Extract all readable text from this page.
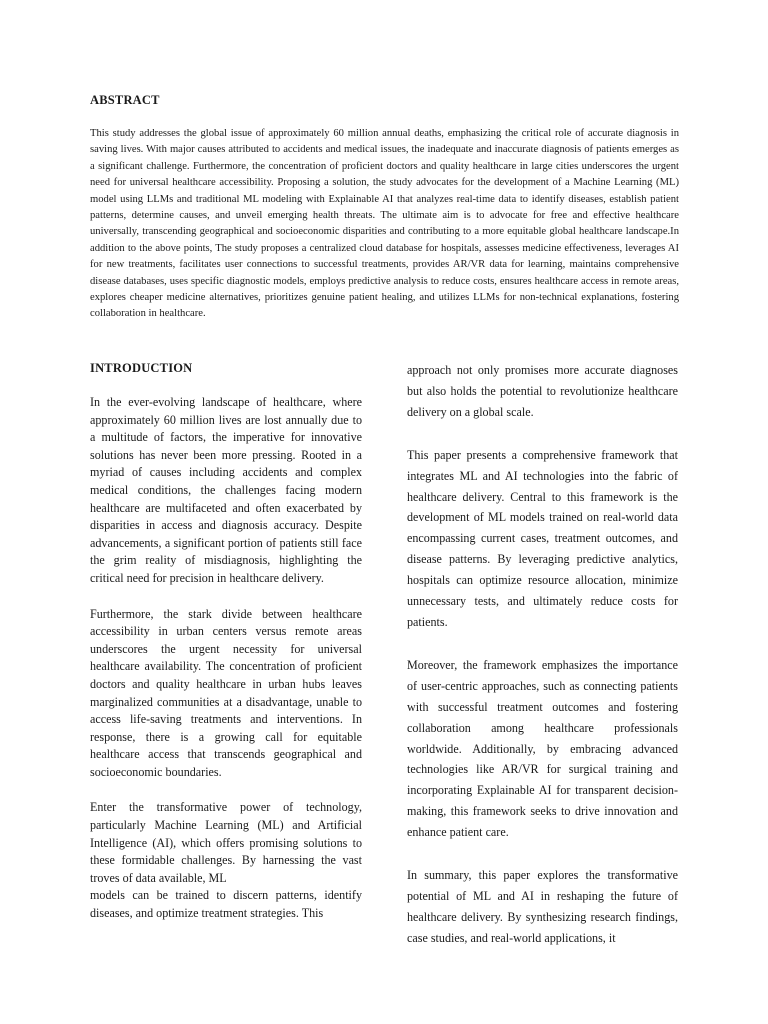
ABSTRACT
This study addresses the global issue of approximately 60 million annual deaths, emphasizing the critical role of accurate diagnosis in saving lives. With major causes attributed to accidents and medical issues, the inadequate and inaccurate diagnosis of patients emerges as a significant challenge. Furthermore, the concentration of proficient doctors and quality healthcare in large cities underscores the urgent need for universal healthcare accessibility. Proposing a solution, the study advocates for the development of a Machine Learning (ML) model using LLMs and traditional ML modeling with Explainable AI that analyzes real-time data to identify diseases, establish patient patterns, determine causes, and unveil emerging health threats. The ultimate aim is to advocate for free and effective healthcare universally, transcending geographical and socioeconomic disparities and contributing to a more equitable global healthcare landscape.In addition to the above points, The study proposes a centralized cloud database for hospitals, assesses medicine effectiveness, leverages AI for new treatments, facilitates user connections to successful treatments, provides AR/VR data for learning, maintains comprehensive disease databases, uses specific diagnostic models, employs predictive analysis to reduce costs, ensures healthcare access in remote areas, explores cheaper medicine alternatives, prioritizes genuine patient healing, and utilizes LLMs for non-technical explanations, fostering collaboration in healthcare.
INTRODUCTION

In the ever-evolving landscape of healthcare, where approximately 60 million lives are lost annually due to a multitude of factors, the imperative for innovative solutions has never been more pressing. Rooted in a myriad of causes including accidents and complex medical conditions, the challenges facing modern healthcare are multifaceted and often exacerbated by disparities in access and diagnosis accuracy. Despite advancements, a significant portion of patients still face the grim reality of misdiagnosis, highlighting the critical need for precision in healthcare delivery.

Furthermore, the stark divide between healthcare accessibility in urban centers versus remote areas underscores the urgent necessity for universal healthcare availability. The concentration of proficient doctors and quality healthcare in urban hubs leaves marginalized communities at a disadvantage, unable to access life-saving treatments and interventions. In response, there is a growing call for equitable healthcare access that transcends geographical and socioeconomic boundaries.

Enter the transformative power of technology, particularly Machine Learning (ML) and Artificial Intelligence (AI), which offers promising solutions to these formidable challenges. By harnessing the vast troves of data available, ML

models can be trained to discern patterns, identify diseases, and optimize treatment strategies. This

approach not only promises more accurate diagnoses but also holds the potential to revolutionize healthcare delivery on a global scale.

This paper presents a comprehensive framework that integrates ML and AI technologies into the fabric of healthcare delivery. Central to this framework is the development of ML models trained on real-world data encompassing current cases, treatment outcomes, and disease patterns. By leveraging predictive analytics, hospitals can optimize resource allocation, minimize unnecessary tests, and ultimately reduce costs for patients.

Moreover, the framework emphasizes the importance of user-centric approaches, such as connecting patients with successful treatment outcomes and fostering collaboration among healthcare professionals worldwide. Additionally, by embracing advanced technologies like AR/VR for surgical training and incorporating Explainable AI for transparent decision-making, this framework seeks to drive innovation and enhance patient care.

In summary, this paper explores the transformative potential of ML and AI in reshaping the future of healthcare delivery. By synthesizing research findings, case studies, and real-world applications, it
